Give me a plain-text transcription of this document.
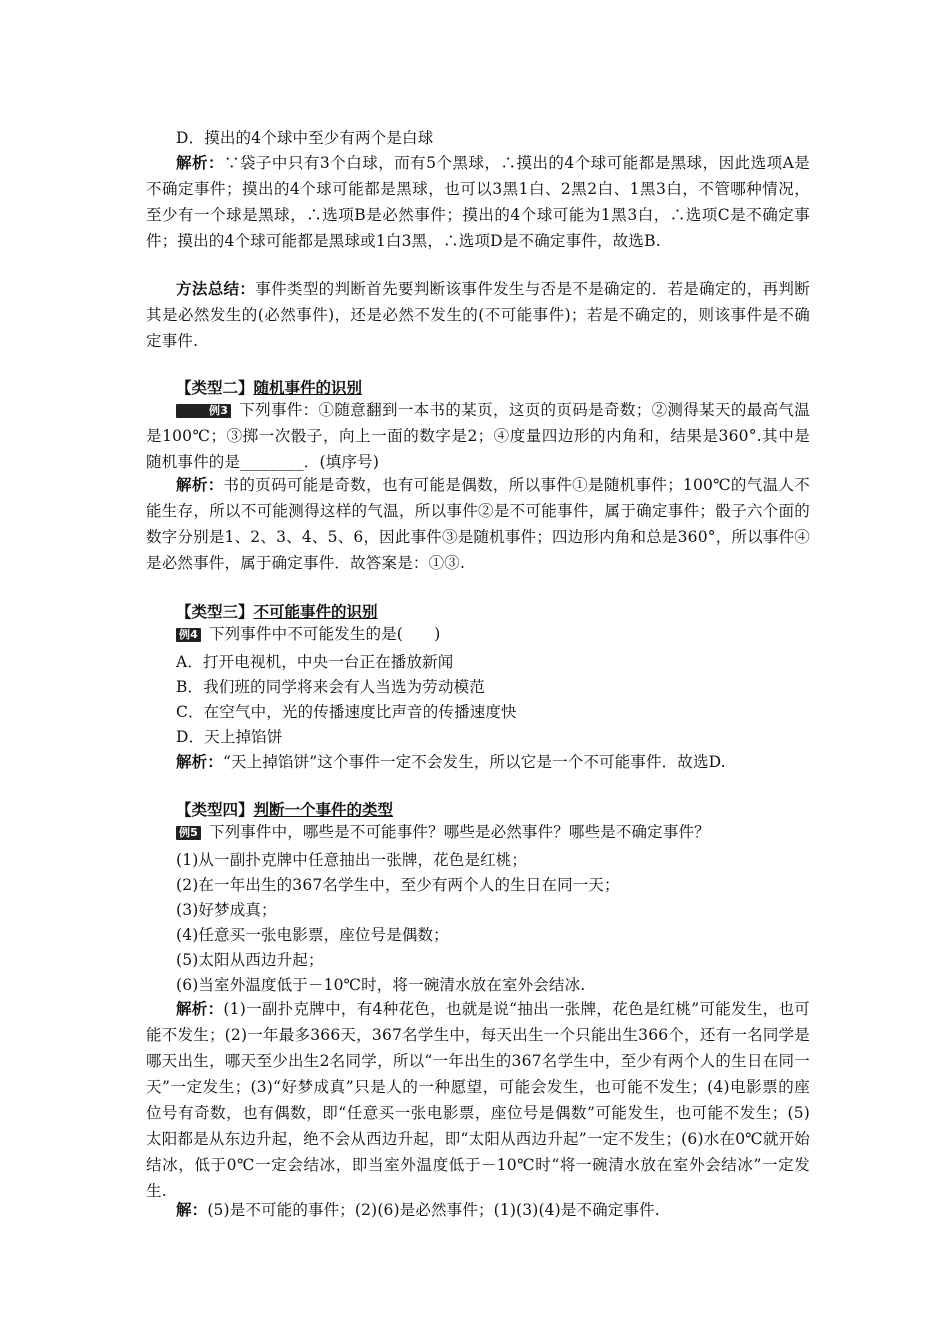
D．摸出的4个球中至少有两个是白球
解析：∵袋子中只有3个白球，而有5个黑球，∴摸出的4个球可能都是黑球，因此选项A是不确定事件；摸出的4个球可能都是黑球，也可以3黑1白、2黑2白、1黑3白，不管哪种情况，至少有一个球是黑球，∴选项B是必然事件；摸出的4个球可能为1黑3白，∴选项C是不确定事件；摸出的4个球可能都是黑球或1白3黑，∴选项D是不确定事件，故选B.
方法总结：事件类型的判断首先要判断该事件发生与否是不是确定的．若是确定的，再判断其是必然发生的(必然事件)，还是必然不发生的(不可能事件)；若是不确定的，则该事件是不确定事件.
【类型二】随机事件的识别
例3 下列事件：①随意翻到一本书的某页，这页的页码是奇数；②测得某天的最高气温是100℃；③掷一次骰子，向上一面的数字是2；④度量四边形的内角和，结果是360°.其中是随机事件的是________．(填序号)
解析：书的页码可能是奇数，也有可能是偶数，所以事件①是随机事件；100℃的气温人不能生存，所以不可能测得这样的气温，所以事件②是不可能事件，属于确定事件；骰子六个面的数字分别是1、2、3、4、5、6，因此事件③是随机事件；四边形内角和总是360°，所以事件④是必然事件，属于确定事件．故答案是：①③.
【类型三】不可能事件的识别
例4 下列事件中不可能发生的是(　　)
A．打开电视机，中央一台正在播放新闻
B．我们班的同学将来会有人当选为劳动模范
C．在空气中，光的传播速度比声音的传播速度快
D．天上掉馅饼
解析：“天上掉馅饼”这个事件一定不会发生，所以它是一个不可能事件．故选D.
【类型四】判断一个事件的类型
例5 下列事件中，哪些是不可能事件？哪些是必然事件？哪些是不确定事件？
(1)从一副扑克牌中任意抽出一张牌，花色是红桃；
(2)在一年出生的367名学生中，至少有两个人的生日在同一天；
(3)好梦成真；
(4)任意买一张电影票，座位号是偶数；
(5)太阳从西边升起；
(6)当室外温度低于－10℃时，将一碗清水放在室外会结冰.
解析：(1)一副扑克牌中，有4种花色，也就是说“抽出一张牌，花色是红桃”可能发生，也可能不发生；(2)一年最多366天，367名学生中，每天出生一个只能出生366个，还有一名同学是哪天出生，哪天至少出生2名同学，所以“一年出生的367名学生中，至少有两个人的生日在同一天”一定发生；(3)“好梦成真”只是人的一种愿望，可能会发生，也可能不发生；(4)电影票的座位号有奇数，也有偶数，即“任意买一张电影票，座位号是偶数”可能发生，也可能不发生；(5)太阳都是从东边升起，绝不会从西边升起，即“太阳从西边升起”一定不发生；(6)水在0℃就开始结冰，低于0℃一定会结冰，即当室外温度低于－10℃时“将一碗清水放在室外会结冰”一定发生.
解：(5)是不可能的事件；(2)(6)是必然事件；(1)(3)(4)是不确定事件.
